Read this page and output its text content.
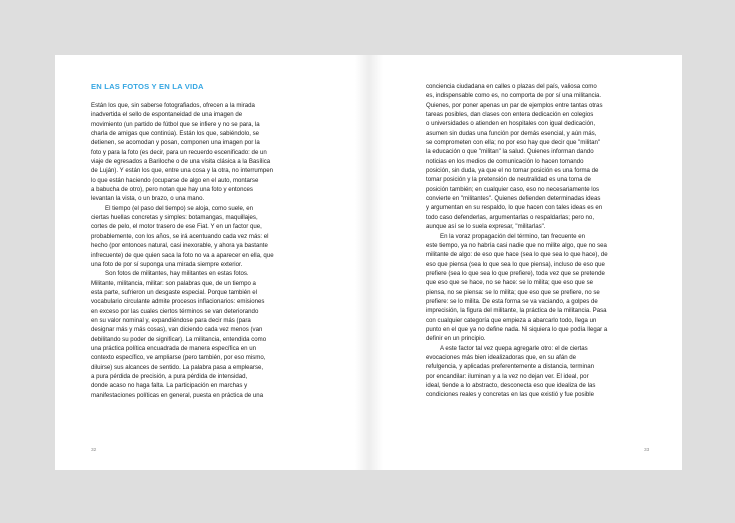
EN LAS FOTOS Y EN LA VIDA

Están los que, sin saberse fotografiados, ofrecen a la mirada
inadvertida el sello de espontaneidad de una imagen de
movimiento (un partido de fútbol que se infiere y no se para, la
charla de amigas que continúa). Están los que, sabiéndolo, se
detienen, se acomodan y posan, componen una imagen por la
foto y para la foto (es decir, para un recuerdo escenificado: de un
viaje de egresados a Bariloche o de una visita clásica a la Basílica
de Luján). Y están los que, entre una cosa y la otra, no interrumpen
lo que están haciendo (ocuparse de algo en el auto, montarse
a babucha de otro), pero notan que hay una foto y entonces
levantan la vista, o un brazo, o una mano.

El tiempo (el paso del tiempo) se aloja, como suele, en
ciertas huellas concretas y simples: botamangas, maquillajes,
cortes de pelo, el motor trasero de ese Fiat. Y en un factor que,
probablemente, con los años, se irá acentuando cada vez más: el
hecho (por entonces natural, casi inexorable, y ahora ya bastante
infrecuente) de que quien saca la foto no va a aparecer en ella, que
una foto de por sí suponga una mirada siempre exterior.

Son fotos de militantes, hay militantes en estas fotos.
Militante, militancia, militar: son palabras que, de un tiempo a
esta parte, sufrieron un desgaste especial. Porque también el
vocabulario circulante admite procesos inflacionarios: emisiones
en exceso por las cuales ciertos términos se van deteriorando
en su valor nominal y, expandiéndose para decir más (para
designar más y más cosas), van diciendo cada vez menos (van
debilitando su poder de significar). La militancia, entendida como
una práctica política encuadrada de manera específica en un
contexto específico, ve ampliarse (pero también, por eso mismo,
diluirse) sus alcances de sentido. La palabra pasa a emplearse,
a pura pérdida de precisión, a pura pérdida de intensidad,
donde acaso no haga falta. La participación en marchas y
manifestaciones políticas en general, puesta en práctica de una

32

conciencia ciudadana en calles o plazas del país, valiosa como
es, indispensable como es, no comporta de por sí una militancia.
Quienes, por poner apenas un par de ejemplos entre tantas otras
tareas posibles, dan clases con entera dedicación en colegios
o universidades o atienden en hospitales con igual dedicación,
asumen sin dudas una función por demás esencial, y aún más,
se comprometen con ella; no por eso hay que decir que "militan"
la educación o que "militan" la salud. Quienes informan dando
noticias en los medios de comunicación lo hacen tomando
posición, sin duda, ya que el no tomar posición es una forma de
tomar posición y la pretensión de neutralidad es una toma de
posición también; en cualquier caso, eso no necesariamente los
convierte en "militantes". Quienes defienden determinadas ideas
y argumentan en su respaldo, lo que hacen con tales ideas es en
todo caso defenderlas, argumentarlas o respaldarlas; pero no,
aunque así se lo suela expresar, "militarlas".

En la voraz propagación del término, tan frecuente en
este tiempo, ya no habría casi nadie que no milite algo, que no sea
militante de algo: de eso que hace (sea lo que sea lo que hace), de
eso que piensa (sea lo que sea lo que piensa), incluso de eso que
prefiere (sea lo que sea lo que prefiere), toda vez que se pretende
que eso que se hace, no se hace: se lo milita; que eso que se
piensa, no se piensa: se lo milita; que eso que se prefiere, no se
prefiere: se lo milita. De esta forma se va vaciando, a golpes de
imprecisión, la figura del militante, la práctica de la militancia. Pasa
con cualquier categoría que empieza a abarcarlo todo, llega un
punto en el que ya no define nada. Ni siquiera lo que podía llegar a
definir en un principio.

A este factor tal vez quepa agregarle otro: el de ciertas
evocaciones más bien idealizadoras que, en su afán de
refulgencia, y aplicadas preferentemente a distancia, terminan
por encandilar: iluminan y a la vez no dejan ver. El ideal, por
ideal, tiende a lo abstracto, desconecta eso que idealiza de las
condiciones reales y concretas en las que existió y fue posible

33
